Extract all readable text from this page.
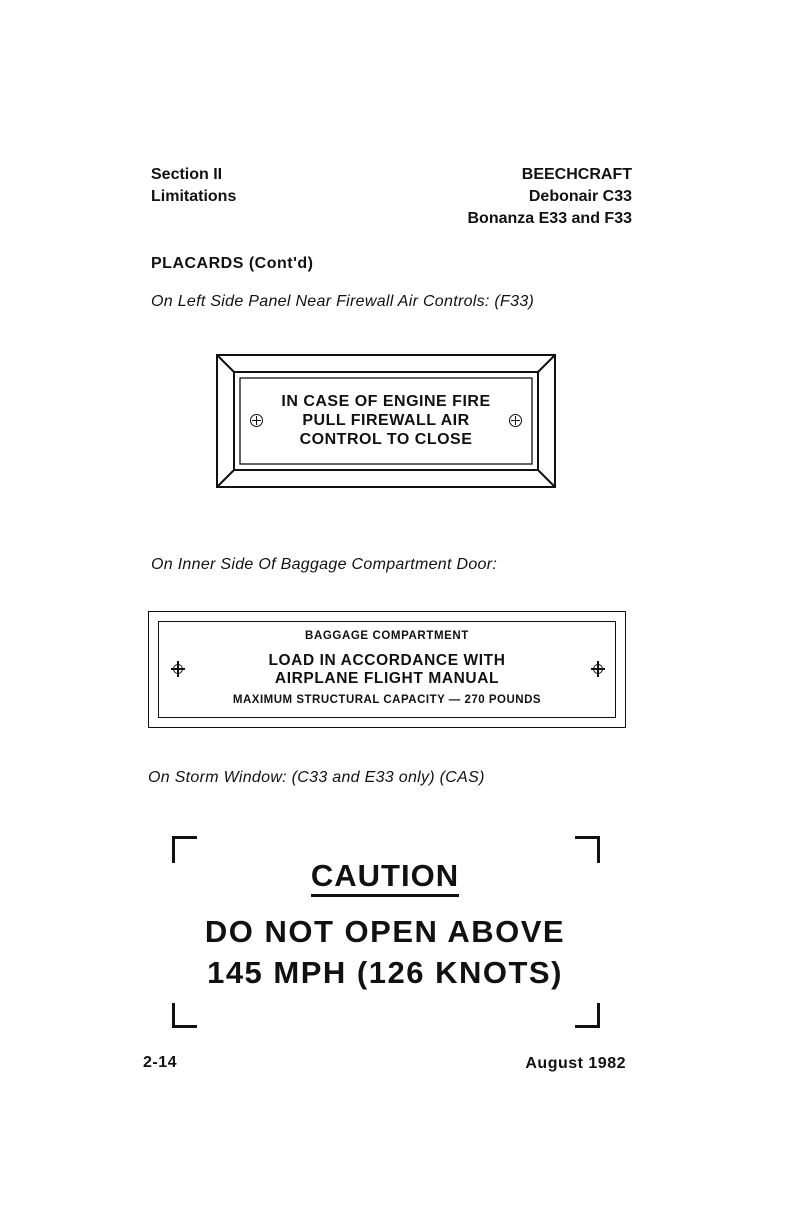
Section II
Limitations
BEECHCRAFT
Debonair C33
Bonanza E33 and F33
PLACARDS (Cont'd)
On Left Side Panel Near Firewall Air Controls: (F33)
IN CASE OF ENGINE FIRE
PULL FIREWALL AIR
CONTROL TO CLOSE
On Inner Side Of Baggage Compartment Door:
BAGGAGE COMPARTMENT
LOAD IN ACCORDANCE WITH
AIRPLANE FLIGHT MANUAL
MAXIMUM STRUCTURAL CAPACITY — 270 POUNDS
On Storm Window: (C33 and E33 only) (CAS)
CAUTION
DO NOT OPEN ABOVE
145 MPH (126 KNOTS)
2-14	August 1982
